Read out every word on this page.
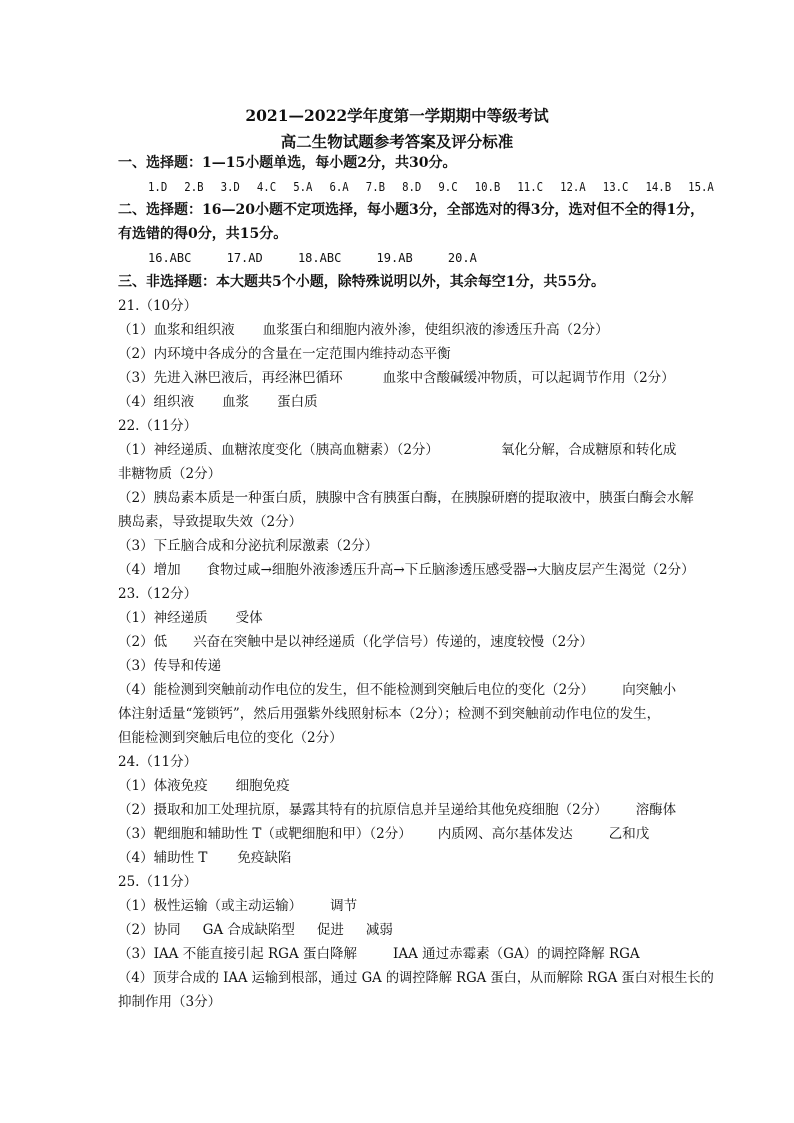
2021—2022学年度第一学期期中等级考试
高二生物试题参考答案及评分标准
一、选择题：1—15小题单选，每小题2分，共30分。
1.D 2.B 3.D 4.C 5.A 6.A 7.B 8.D 9.C 10.B 11.C 12.A 13.C 14.B 15.A
二、选择题：16—20小题不定项选择，每小题3分，全部选对的得3分，选对但不全的得1分，
有选错的得0分，共15分。
16.ABC	17.AD	18.ABC	19.AB	20.A
三、非选择题：本大题共5个小题，除特殊说明以外，其余每空1分，共55分。
21.（10分）
（1）血浆和组织液 血浆蛋白和细胞内液外渗，使组织液的渗透压升高（2分）
（2）内环境中各成分的含量在一定范围内维持动态平衡
（3）先进入淋巴液后，再经淋巴循环	血浆中含酸碱缓冲物质，可以起调节作用（2分）
（4）组织液 血浆 蛋白质
22.（11分）
（1）神经递质、血糖浓度变化（胰高血糖素）（2分）	氧化分解，合成糖原和转化成
非糖物质（2分）
（2）胰岛素本质是一种蛋白质，胰腺中含有胰蛋白酶，在胰腺研磨的提取液中，胰蛋白酶会水解
胰岛素，导致提取失效（2分）
（3）下丘脑合成和分泌抗利尿激素（2分）
（4）增加 食物过咸→细胞外液渗透压升高→下丘脑渗透压感受器→大脑皮层产生渴觉（2分）
23.（12分）
（1）神经递质 受体
（2）低 兴奋在突触中是以神经递质（化学信号）传递的，速度较慢（2分）
（3）传导和传递
（4）能检测到突触前动作电位的发生，但不能检测到突触后电位的变化（2分） 向突触小
体注射适量“笼锁钙”，然后用强紫外线照射标本（2分）；检测不到突触前动作电位的发生，
但能检测到突触后电位的变化（2分）
24.（11分）
（1）体液免疫 细胞免疫
（2）摄取和加工处理抗原，暴露其特有的抗原信息并呈递给其他免疫细胞（2分） 溶酶体
（3）靶细胞和辅助性 T（或靶细胞和甲）（2分） 内质网、高尔基体发达	乙和戊
（4）辅助性 T 免疫缺陷
25.（11分）
（1）极性运输（或主动运输） 调节
（2）协同 GA 合成缺陷型 促进 减弱
（3）IAA 不能直接引起 RGA 蛋白降解	IAA 通过赤霉素（GA）的调控降解 RGA
（4）顶芽合成的 IAA 运输到根部，通过 GA 的调控降解 RGA 蛋白，从而解除 RGA 蛋白对根生长的
抑制作用（3分）
